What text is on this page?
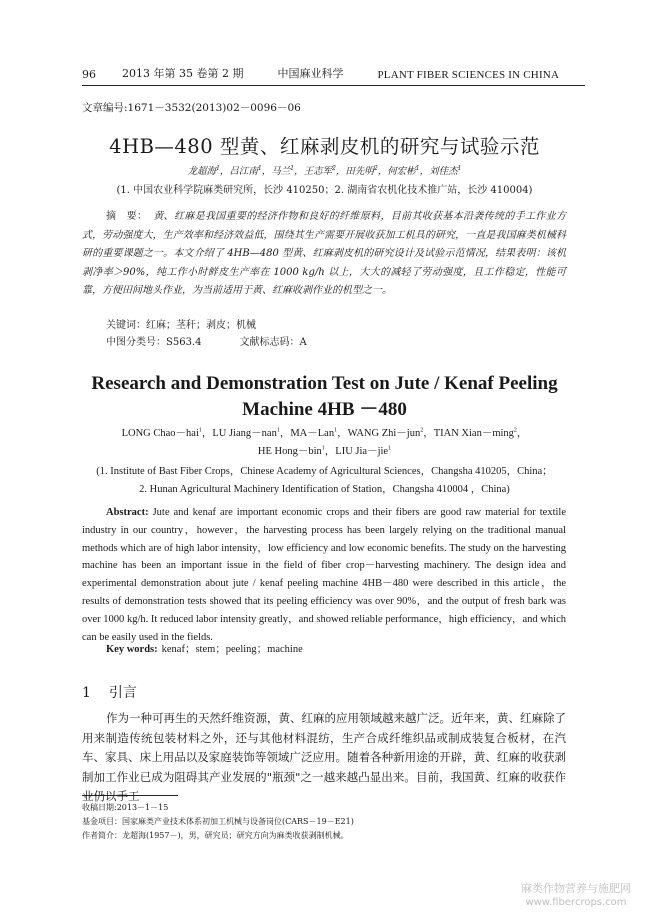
96 2013 年第 35 卷第 2 期	中国麻业科学	PLANT FIBER SCIENCES IN CHINA
文章编号:1671－3532(2013)02－0096－06
4HB—480 型黄、红麻剥皮机的研究与试验示范
龙超海$^1$，吕江南$^1$，马兰$^1$，王志军$^2$，田先明$^2$，何宏彬$^1$，刘佳杰$^1$
(1. 中国农业科学院麻类研究所，长沙 410250；2. 湖南省农机化技术推广站，长沙 410004)
摘　要： 黄、红麻是我国重要的经济作物和良好的纤维原料，目前其收获基本沿袭传统的手工作业方式，劳动强度大，生产效率和经济效益低，围绕其生产需要开展收获加工机具的研究，一直是我国麻类机械科研的重要课题之一。本文介绍了 4HB—480 型黄、红麻剥皮机的研究设计及试验示范情况，结果表明：该机剥净率＞90%，纯工作小时鲜皮生产率在 1000 kg/h 以上，大大的减轻了劳动强度，且工作稳定，性能可靠，方便田间地头作业，为当前适用于黄、红麻收剥作业的机型之一。
关键词：红麻；茎秆；剥皮；机械
中图分类号：S563.4	文献标志码：A
Research and Demonstration Test on Jute / Kenaf Peeling
Machine 4HB －480
LONG Chao－hai$^1$，LU Jiang－nan$^1$，MA－Lan$^1$，WANG Zhi－jun$^2$，TIAN Xian－ming$^2$，
HE Hong－bin$^1$，LIU Jia－jie$^1$
(1. Institute of Bast Fiber Crops，Chinese Academy of Agricultural Sciences，Changsha 410205，China；
2. Hunan Agricultural Machinery Identification of Station，Changsha 410004 ，China)
Abstract: Jute and kenaf are important economic crops and their fibers are good raw material for textile industry in our country，however，the harvesting process has been largely relying on the traditional manual methods which are of high labor intensity，low efficiency and low economic benefits. The study on the harvesting machine has been an important issue in the field of fiber crop－harvesting machinery. The design idea and experimental demonstration about jute / kenaf peeling machine 4HB－480 were described in this article，the results of demonstration tests showed that its peeling efficiency was over 90%，and the output of fresh bark was over 1000 kg/h. It reduced labor intensity greatly，and showed reliable performance，high efficiency，and which can be easily used in the fields.
Key words: kenaf；stem；peeling；machine
1 引言
作为一种可再生的天然纤维资源，黄、红麻的应用领域越来越广泛。近年来，黄、红麻除了用来制造传统包装材料之外，还与其他材料混纺，生产合成纤维织品或制成装复合板材，在汽车、家具、床上用品以及家庭装饰等领域广泛应用。随着各种新用途的开辟，黄、红麻的收获剥制加工作业已成为阻碍其产业发展的"瓶颈"之一越来越凸显出来。目前，我国黄、红麻的收获作业仍以手工
收稿日期:2013－1－15
基金项目：国家麻类产业技术体系初加工机械与设备岗位(CARS－19－E21)
作者简介：龙超海(1957－)，男，研究员；研究方向为麻类收获剥制机械。
麻类作物营养与施肥网
www.fibercrops.com
